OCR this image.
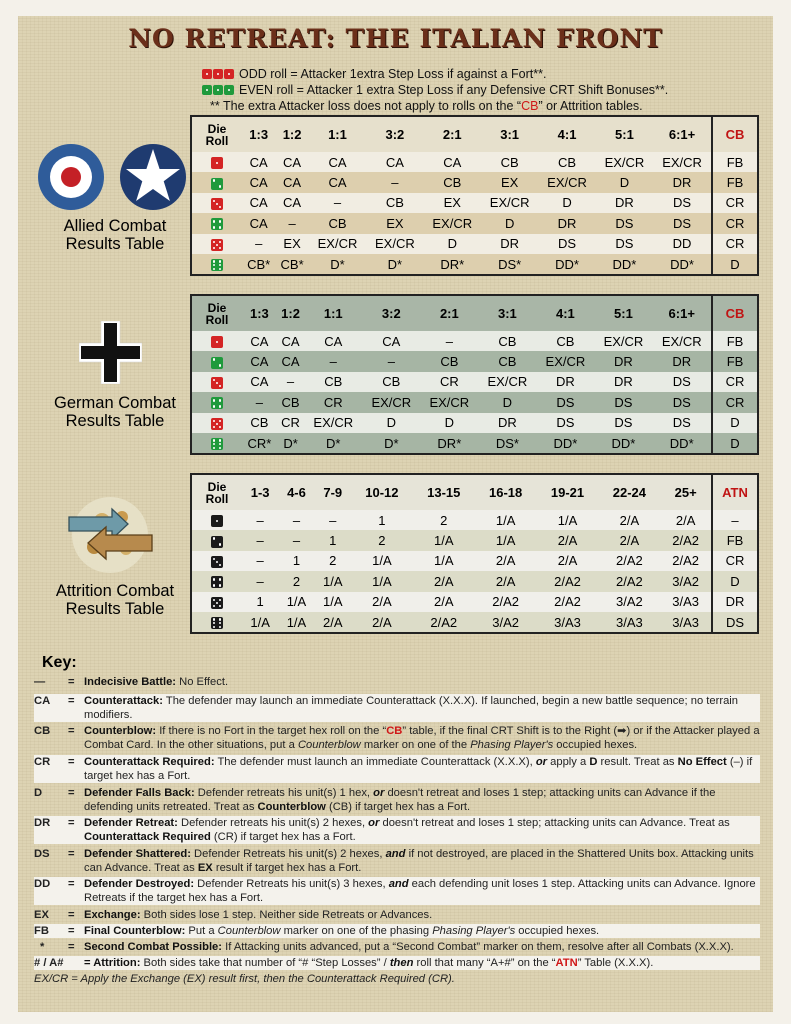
NO RETREAT: THE ITALIAN FRONT
ODD roll = Attacker 1extra Step Loss if against a Fort**.
EVEN roll = Attacker 1 extra Step Loss if any Defensive CRT Shift Bonuses**.
** The extra Attacker loss does not apply to rolls on the “CB” or Attrition tables.
Allied Combat
Results Table
German Combat
Results Table
Attrition Combat
Results Table
Die
Roll	1:3	1:2	1:1	3:2	2:1	3:1	4:1	5:1	6:1+	CB

	CA	CA	CA	CA	CA	CB	CB	EX/CR	EX/CR	FB

	CA	CA	CA	–	CB	EX	EX/CR	D	DR	FB

	CA	CA	–	CB	EX	EX/CR	D	DR	DS	CR

	CA	–	CB	EX	EX/CR	D	DR	DS	DS	CR

	–	EX	EX/CR	EX/CR	D	DR	DS	DS	DD	CR

	CB*	CB*	D*	D*	DR*	DS*	DD*	DD*	DD*	D
Die
Roll	1:3	1:2	1:1	3:2	2:1	3:1	4:1	5:1	6:1+	CB

	CA	CA	CA	CA	–	CB	CB	EX/CR	EX/CR	FB

	CA	CA	–	–	CB	CB	EX/CR	DR	DR	FB

	CA	–	CB	CB	CR	EX/CR	DR	DR	DS	CR

	–	CB	CR	EX/CR	EX/CR	D	DS	DS	DS	CR

	CB	CR	EX/CR	D	D	DR	DS	DS	DS	D

	CR*	D*	D*	D*	DR*	DS*	DD*	DD*	DD*	D
Die
Roll	1-3	4-6	7-9	10-12	13-15	16-18	19-21	22-24	25+	ATN

	–	–	–	1	2	1/A	1/A	2/A	2/A	–

	–	–	1	2	1/A	1/A	2/A	2/A	2/A2	FB

	–	1	2	1/A	1/A	2/A	2/A	2/A2	2/A2	CR

	–	2	1/A	1/A	2/A	2/A	2/A2	2/A2	3/A2	D

	1	1/A	1/A	2/A	2/A	2/A2	2/A2	3/A2	3/A3	DR

	1/A	1/A	2/A	2/A	2/A2	3/A2	3/A3	3/A3	3/A3	DS
Key:
—	= Indecisive Battle: No Effect.
CA	= Counterattack: The defender may launch an immediate Counterattack (X.X.X). If launched, begin a new battle sequence; no terrain modifiers.
CB	= Counterblow: If there is no Fort in the target hex roll on the “CB” table, if the final CRT Shift is to the Right (➡) or if the Attacker played a Combat Card. In the other situations, put a Counterblow marker on one of the Phasing Player's occupied hexes.
CR	= Counterattack Required: The defender must launch an immediate Counterattack (X.X.X), or apply a D result. Treat as No Effect (–) if target hex has a Fort.
D	= Defender Falls Back: Defender retreats his unit(s) 1 hex, or doesn't retreat and loses 1 step; attacking units can Advance if the defending units retreated. Treat as Counterblow (CB) if target hex has a Fort.
DR	= Defender Retreat: Defender retreats his unit(s) 2 hexes, or doesn't retreat and loses 1 step; attacking units can Advance. Treat as Counterattack Required (CR) if target hex has a Fort.
DS	= Defender Shattered: Defender Retreats his unit(s) 2 hexes, and if not destroyed, are placed in the Shattered Units box. Attacking units can Advance. Treat as EX result if target hex has a Fort.
DD	= Defender Destroyed: Defender Retreats his unit(s) 3 hexes, and each defending unit loses 1 step. Attacking units can Advance. Ignore Retreats if the target hex has a Fort.
EX	= Exchange: Both sides lose 1 step. Neither side Retreats or Advances.
FB	= Final Counterblow: Put a Counterblow marker on one of the phasing Phasing Player's occupied hexes.
*	= Second Combat Possible: If Attacking units advanced, put a “Second Combat” marker on them, resolve after all Combats (X.X.X).
# / A#	= Attrition: Both sides take that number of “# “Step Losses” / then roll that many “A+#” on the “ATN” Table (X.X.X).
EX/CR = Apply the Exchange (EX) result first, then the Counterattack Required (CR).
